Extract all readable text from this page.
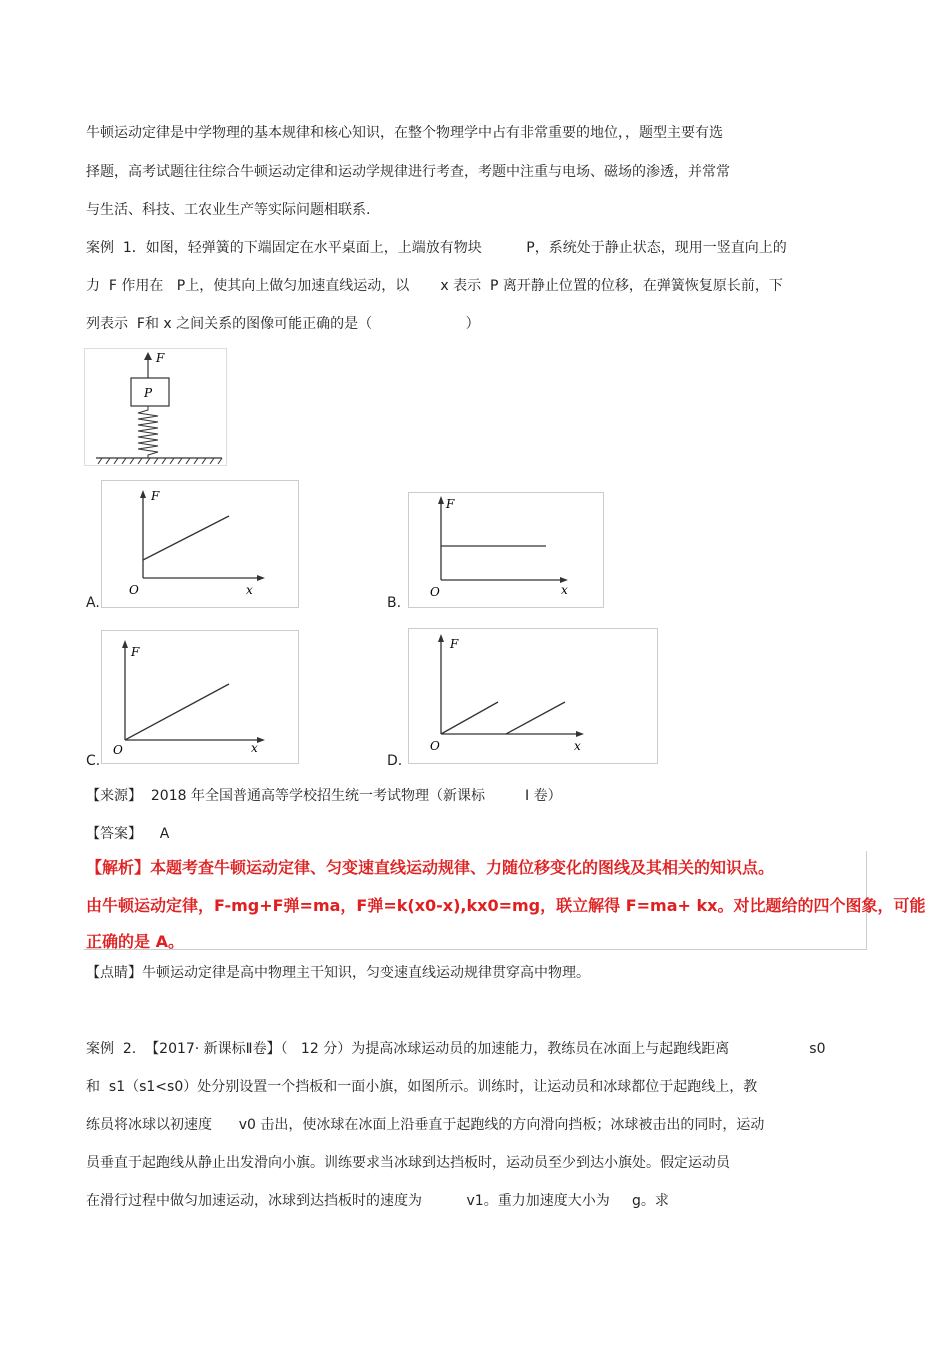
牛顿运动定律是中学物理的基本规律和核心知识，在整个物理学中占有非常重要的地位，，题型主要有选
择题，高考试题往往综合牛顿运动定律和运动学规律进行考查，考题中注重与电场、磁场的渗透，并常常
与生活、科技、工农业生产等实际问题相联系.
案例  1．如图，轻弹簧的下端固定在水平桌面上，上端放有物块          P，系统处于静止状态，现用一竖直向上的
力  F 作用在   P上，使其向上做匀加速直线运动，以       x 表示  P 离开静止位置的位移，在弹簧恢复原长前，下
列表示  F和 x 之间关系的图像可能正确的是（                     ）
F
P
A.
F
x
O
B.
F
x
O
C.
F
x
O
D.
F
x
O
【来源】  2018 年全国普通高等学校招生统一考试物理（新课标         I 卷）
【答案】    A
【解析】本题考查牛顿运动定律、匀变速直线运动规律、力随位移变化的图线及其相关的知识点。
由牛顿运动定律，F-mg+F弹=ma，F弹=k(x0-x),kx0=mg，联立解得 F=ma+ kx。对比题给的四个图象，可能
正确的是 A。
【点睛】牛顿运动定律是高中物理主干知识，匀变速直线运动规律贯穿高中物理。
案例  2.  【2017· 新课标Ⅱ卷】（   12 分）为提高冰球运动员的加速能力，教练员在冰面上与起跑线距离                  s0
和  s1（s1<s0）处分别设置一个挡板和一面小旗，如图所示。训练时，让运动员和冰球都位于起跑线上，教
练员将冰球以初速度      v0 击出，使冰球在冰面上沿垂直于起跑线的方向滑向挡板；冰球被击出的同时，运动
员垂直于起跑线从静止出发滑向小旗。训练要求当冰球到达挡板时，运动员至少到达小旗处。假定运动员
在滑行过程中做匀加速运动，冰球到达挡板时的速度为          v1。重力加速度大小为     g。求
